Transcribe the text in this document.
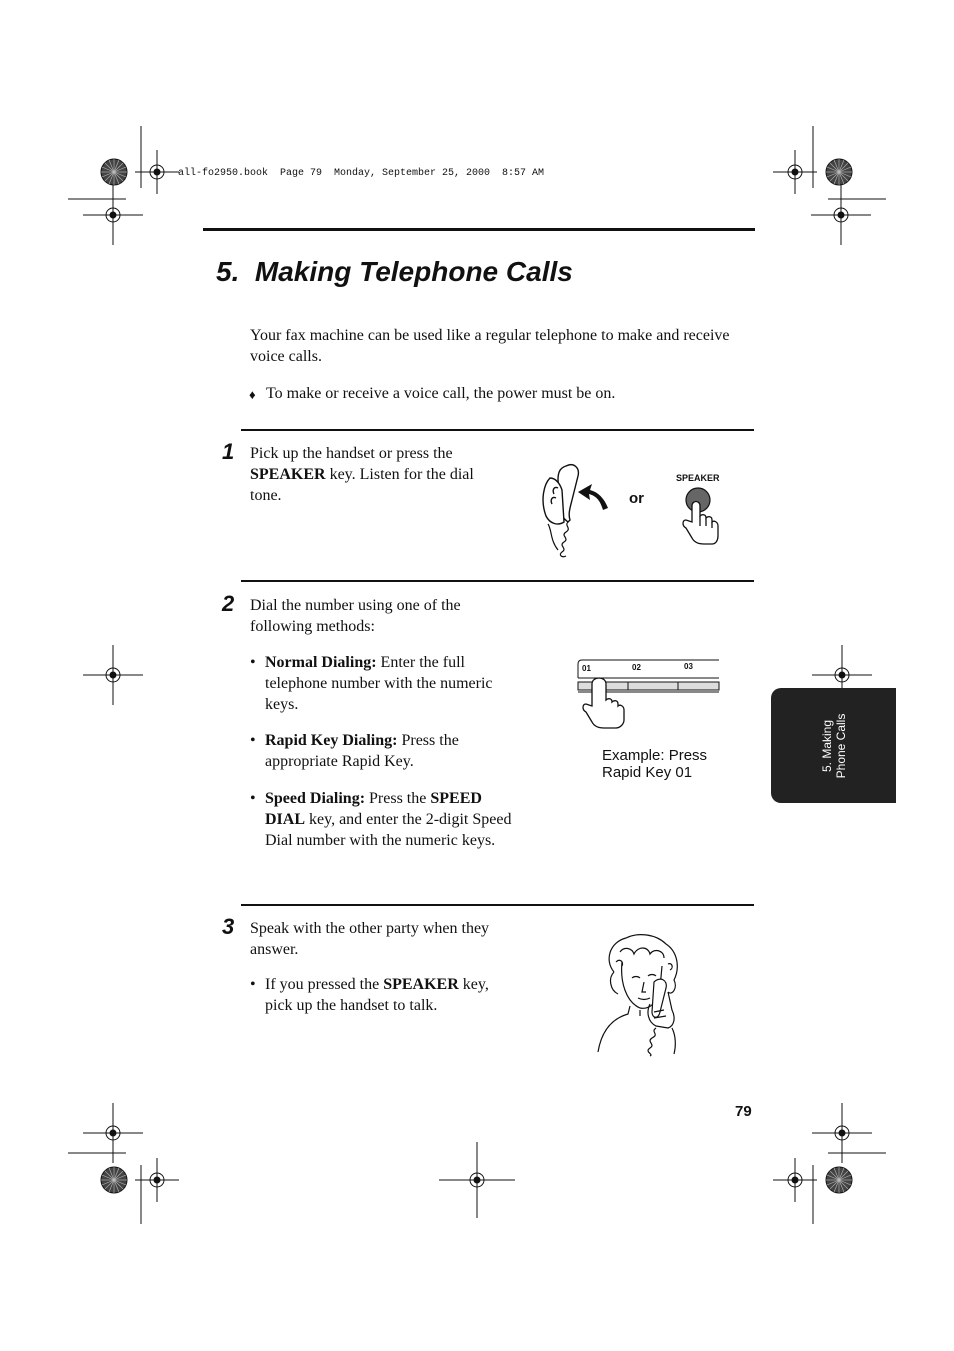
all-fo2950.book  Page 79  Monday, September 25, 2000  8:57 AM
5.  Making Telephone Calls
Your fax machine can be used like a regular telephone to make and receive voice calls.
♦ To make or receive a voice call, the power must be on.
1 Pick up the handset or press the SPEAKER key. Listen for the dial tone.	or
SPEAKER
2 Dial the number using one of the following methods:
• Normal Dialing: Enter the full telephone number with the numeric keys.
• Rapid Key Dialing: Press the appropriate Rapid Key.
• Speed Dialing: Press the SPEED DIAL key, and enter the 2-digit Speed Dial number with the numeric keys.
01	02	03
Example: Press
Rapid Key 01
3 Speak with the other party when they answer.
• If you pressed the SPEAKER key, pick up the handset to talk.
5. Making Phone Calls
79
